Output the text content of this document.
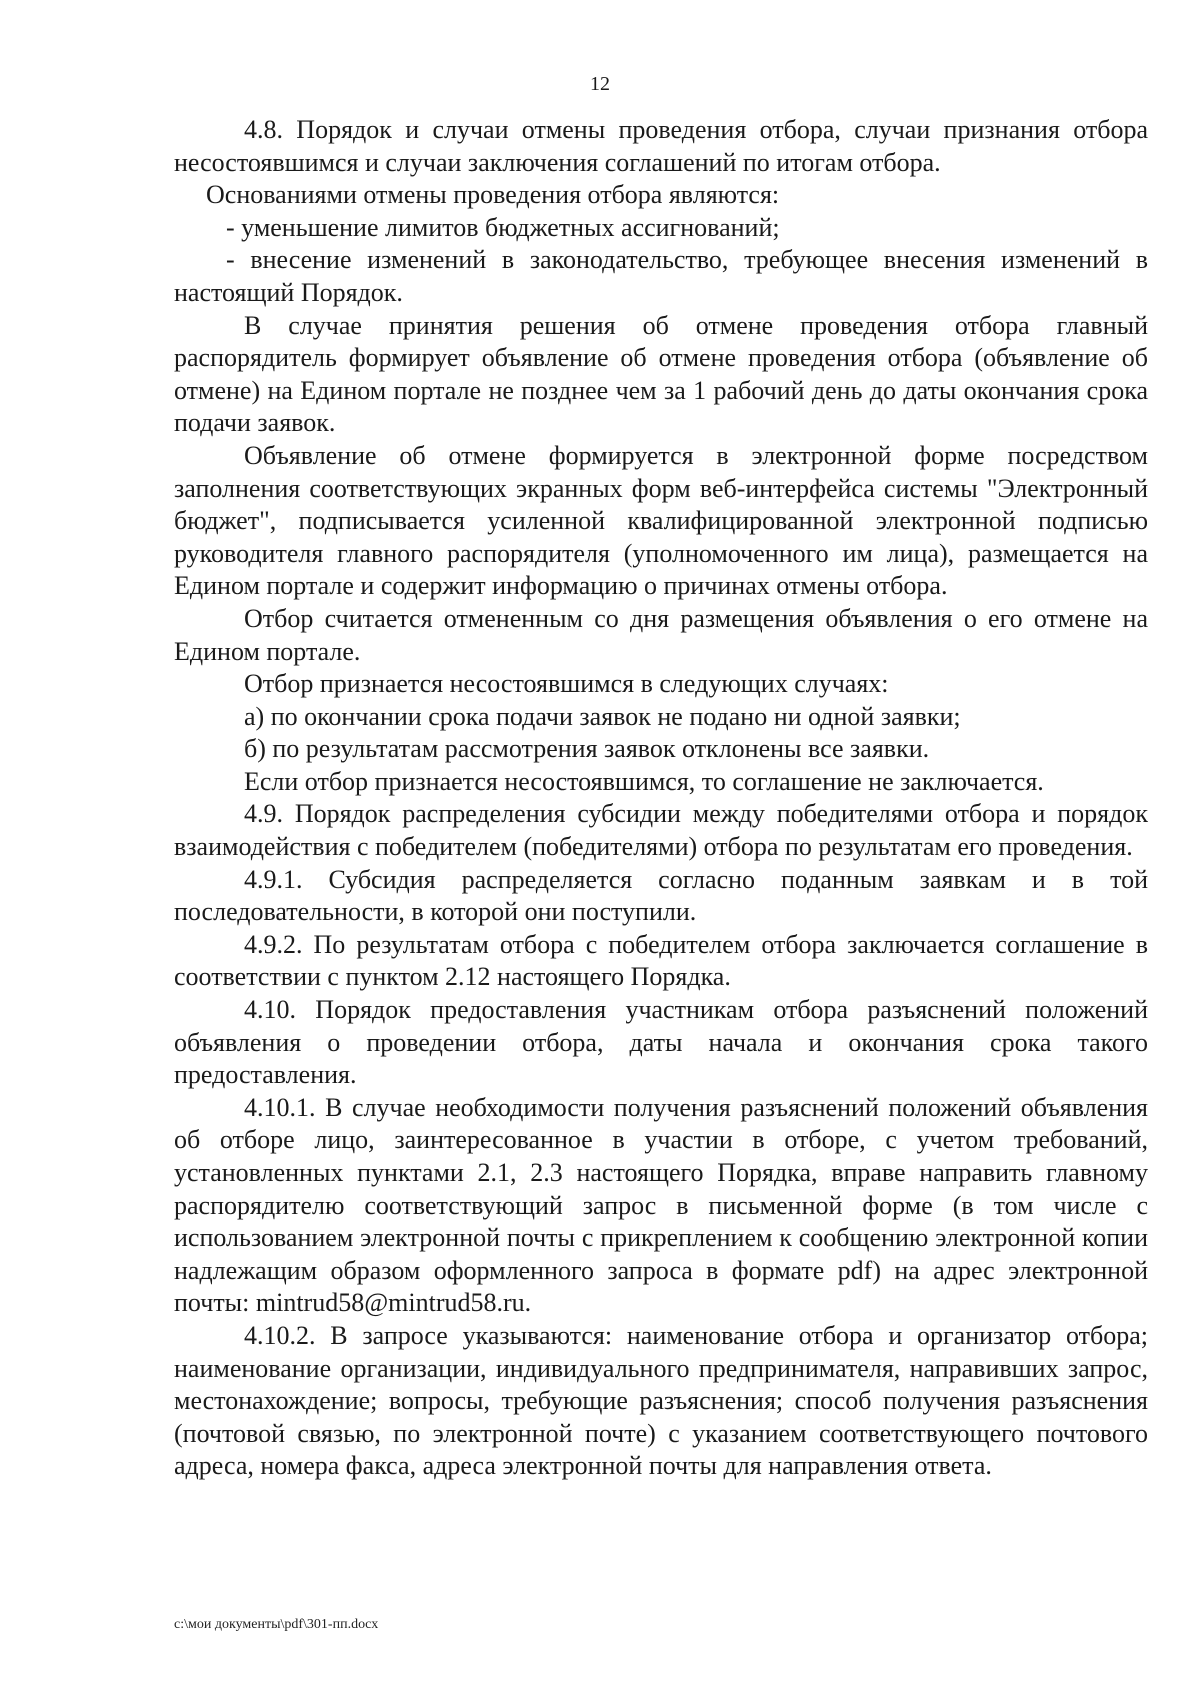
12

4.8. Порядок и случаи отмены проведения отбора, случаи признания отбора несостоявшимся и случаи заключения соглашений по итогам отбора.

Основаниями отмены проведения отбора являются:

- уменьшение лимитов бюджетных ассигнований;

- внесение изменений в законодательство, требующее внесения изменений в настоящий Порядок.

В случае принятия решения об отмене проведения отбора главный распорядитель формирует объявление об отмене проведения отбора (объявление об отмене) на Едином портале не позднее чем за 1 рабочий день до даты окончания срока подачи заявок.

Объявление об отмене формируется в электронной форме посредством заполнения соответствующих экранных форм веб-интерфейса системы "Электронный бюджет", подписывается усиленной квалифицированной электронной подписью руководителя главного распорядителя (уполномоченного им лица), размещается на Едином портале и содержит информацию о причинах отмены отбора.

Отбор считается отмененным со дня размещения объявления о его отмене на Едином портале.

Отбор признается несостоявшимся в следующих случаях:

а) по окончании срока подачи заявок не подано ни одной заявки;

б) по результатам рассмотрения заявок отклонены все заявки.

Если отбор признается несостоявшимся, то соглашение не заключается.

4.9. Порядок распределения субсидии между победителями отбора и порядок взаимодействия с победителем (победителями) отбора по результатам его проведения.

4.9.1. Субсидия распределяется согласно поданным заявкам и в той последовательности, в которой они поступили.

4.9.2. По результатам отбора с победителем отбора заключается соглашение в соответствии с пунктом 2.12 настоящего Порядка.

4.10. Порядок предоставления участникам отбора разъяснений положений объявления о проведении отбора, даты начала и окончания срока такого предоставления.

4.10.1. В случае необходимости получения разъяснений положений объявления об отборе лицо, заинтересованное в участии в отборе, с учетом требований, установленных пунктами 2.1, 2.3 настоящего Порядка, вправе направить главному распорядителю соответствующий запрос в письменной форме (в том числе с использованием электронной почты с прикреплением к сообщению электронной копии надлежащим образом оформленного запроса в формате pdf) на адрес электронной почты: mintrud58@mintrud58.ru.

4.10.2. В запросе указываются: наименование отбора и организатор отбора; наименование организации, индивидуального предпринимателя, направивших запрос, местонахождение; вопросы, требующие разъяснения; способ получения разъяснения (почтовой связью, по электронной почте) с указанием соответствующего почтового адреса, номера факса, адреса электронной почты для направления ответа.

c:\мои документы\pdf\301-пп.docx
